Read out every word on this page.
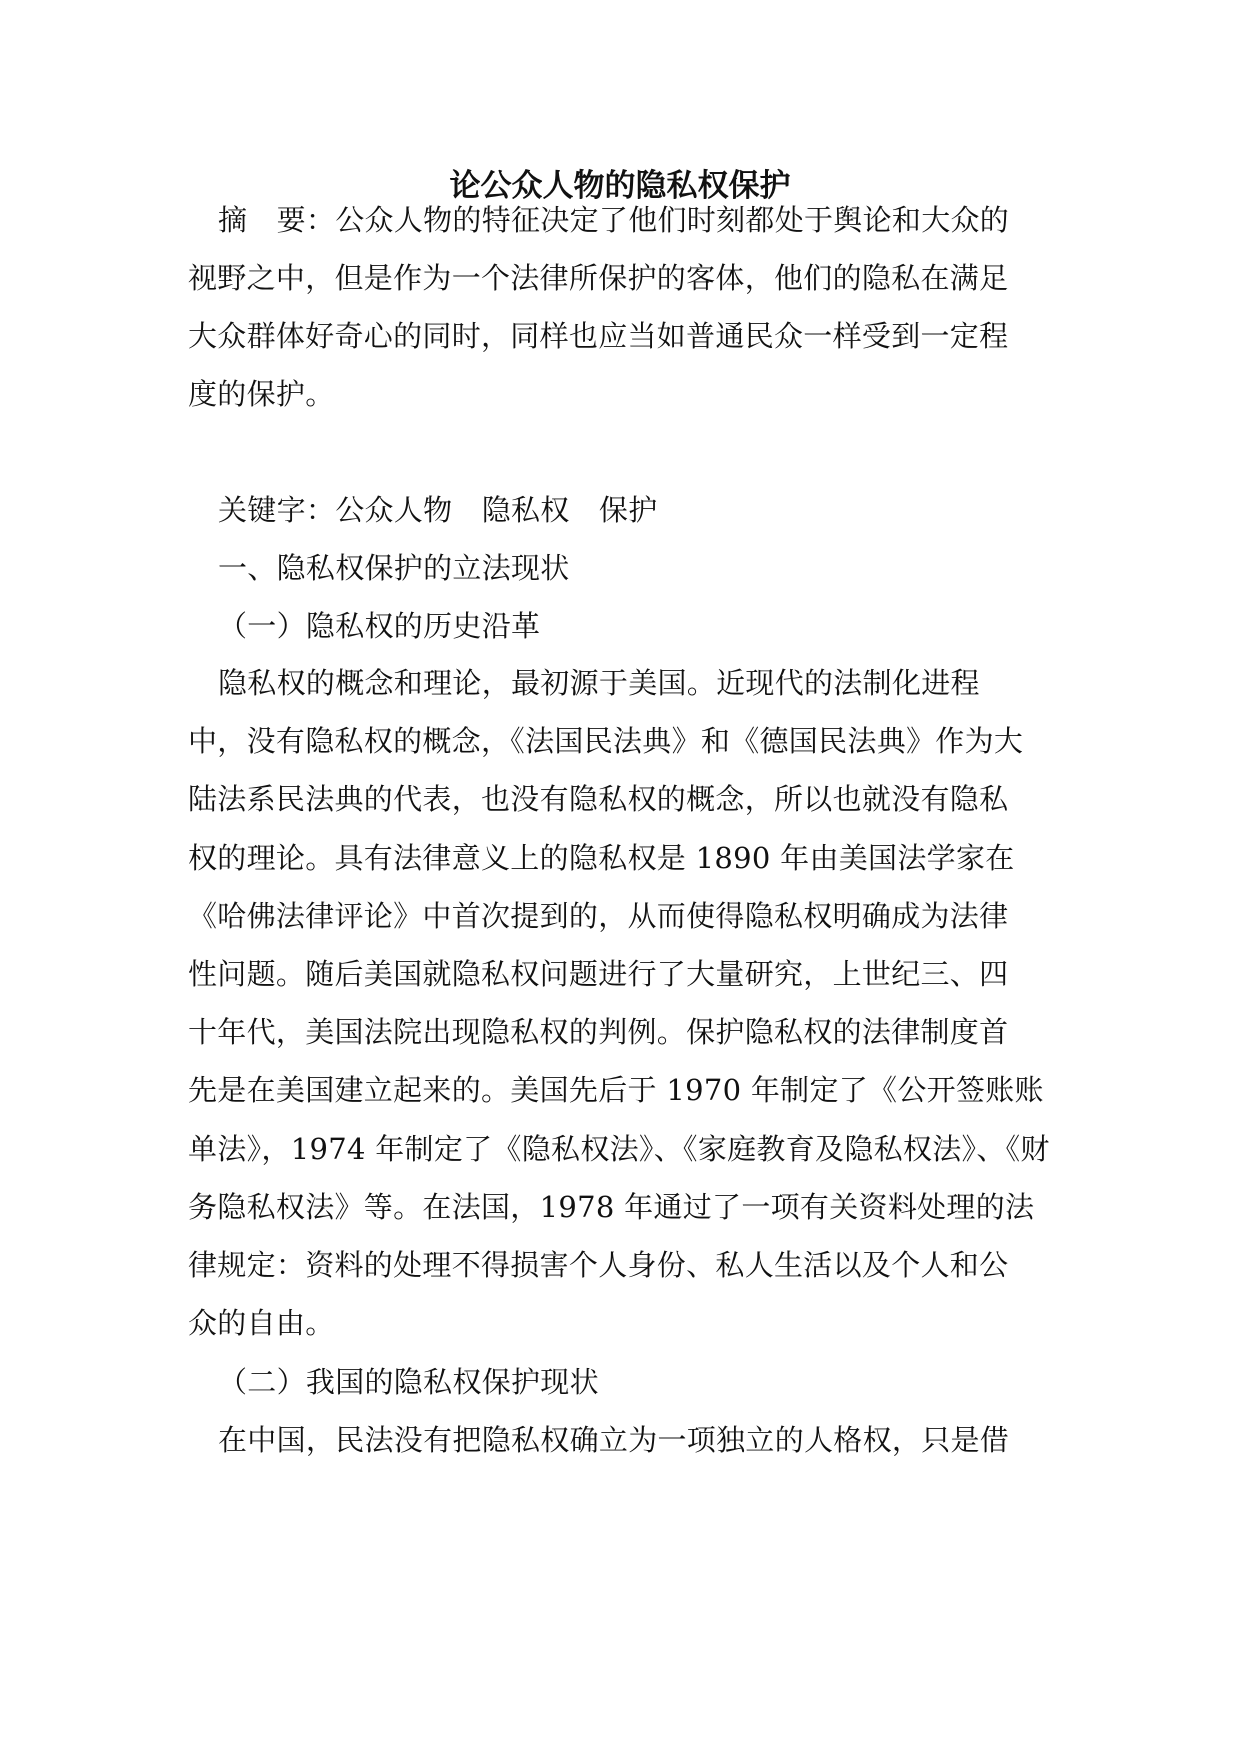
论公众人物的隐私权保护
摘　要：公众人物的特征决定了他们时刻都处于舆论和大众的
视野之中，但是作为一个法律所保护的客体，他们的隐私在满足
大众群体好奇心的同时，同样也应当如普通民众一样受到一定程
度的保护。
关键字：公众人物　隐私权　保护
一、隐私权保护的立法现状
（一）隐私权的历史沿革
隐私权的概念和理论，最初源于美国。近现代的法制化进程
中，没有隐私权的概念，《法国民法典》和《德国民法典》作为大
陆法系民法典的代表，也没有隐私权的概念，所以也就没有隐私
权的理论。具有法律意义上的隐私权是 1890 年由美国法学家在
《哈佛法律评论》中首次提到的，从而使得隐私权明确成为法律
性问题。随后美国就隐私权问题进行了大量研究，上世纪三、四
十年代，美国法院出现隐私权的判例。保护隐私权的法律制度首
先是在美国建立起来的。美国先后于 1970 年制定了《公开签账账
单法》，1974 年制定了《隐私权法》、《家庭教育及隐私权法》、《财
务隐私权法》等。在法国，1978 年通过了一项有关资料处理的法
律规定：资料的处理不得损害个人身份、私人生活以及个人和公
众的自由。
（二）我国的隐私权保护现状
在中国，民法没有把隐私权确立为一项独立的人格权，只是借
